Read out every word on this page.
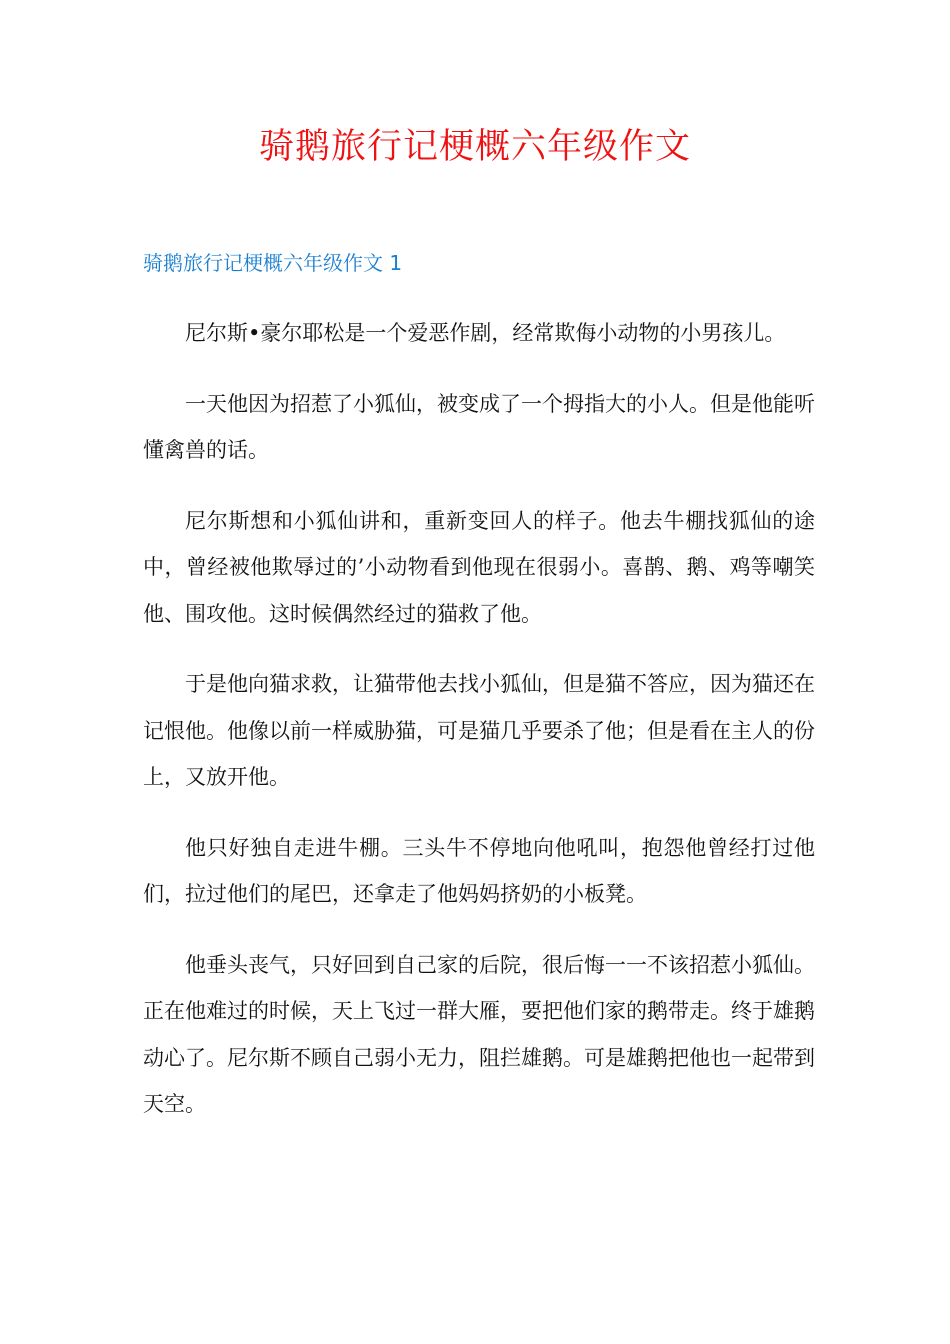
骑鹅旅行记梗概六年级作文
骑鹅旅行记梗概六年级作文 1

尼尔斯•豪尔耶松是一个爱恶作剧，经常欺侮小动物的小男孩儿。

一天他因为招惹了小狐仙，被变成了一个拇指大的小人。但是他能听懂禽兽的话。

尼尔斯想和小狐仙讲和，重新变回人的样子。他去牛棚找狐仙的途中，曾经被他欺辱过的’小动物看到他现在很弱小。喜鹊、鹅、鸡等嘲笑他、围攻他。这时候偶然经过的猫救了他。

于是他向猫求救，让猫带他去找小狐仙，但是猫不答应，因为猫还在记恨他。他像以前一样威胁猫，可是猫几乎要杀了他；但是看在主人的份上，又放开他。

他只好独自走进牛棚。三头牛不停地向他吼叫，抱怨他曾经打过他们，拉过他们的尾巴，还拿走了他妈妈挤奶的小板凳。

他垂头丧气，只好回到自己家的后院，很后悔一一不该招惹小狐仙。正在他难过的时候，天上飞过一群大雁，要把他们家的鹅带走。终于雄鹅动心了。尼尔斯不顾自己弱小无力，阻拦雄鹅。可是雄鹅把他也一起带到天空。
